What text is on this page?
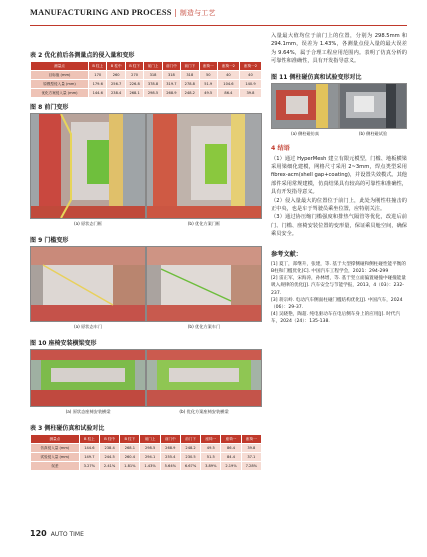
MANUFACTURING AND PROCESS | 制造与工艺
表 2 优化前后各测量点的侵入量和变形
测量点	B 柱上	B 柱中	B 柱下	前门上	前门中	前门下	座椅一	座椅一2	座椅一2
目标值 (mm)	170	260	270	318	318	318	50	40	40
原模型侵入量 (mm)	179.6	256.7	226.8	378.8	319.7	278.8	51.9	104.6	140.9
优化方案侵入量 (mm)	144.6	238.4	268.1	298.5	268.9	248.2	49.5	86.4	39.8
图 8 前门变形
(a) 原状态门框	(b) 优化方案门框
图 9 门槛变形
(a) 原状态车门	(b) 优化方案车门
图 10 座椅安装横梁变形
(a) 原状态座椅安装横梁	(b) 优化方案座椅安装横梁
表 3 侧柱碰仿真和试验对比
测量点	B 柱上	B 柱中	B 柱下	前门上	前门中	前门下	座椅一	座椅一	座椅一
仿真侵入量 (mm)	144.6	238.4	268.1	298.5	268.9	248.2	49.5	86.4	39.8
试验侵入量 (mm)	149.7	244.5	260.4	294.1	255.4	230.5	51.5	84.4	37.1
误差	3.27%	2.41%	1.81%	1.43%	5.64%	6.67%	3.89%	2.19%	7.28%

入量最大值均位于前门上的位置，分别为 298.5mm 和 294.1mm，误差为 1.43%，各测量点侵入量的最大误差为 9.64%，属于合理工程应用范围内。表明了仿真分析的可靠性和准确性，具有开发指导意义。

图 11 侧柱碰仿真和试验变形对比
(a) 侧柱碰仿真	(b) 侧柱碰试验
4 结语

（1）通过 HyperMesh 建立有限元模型，门槛、地板横梁采用梁细化建模，网格尺寸采用 2~3mm，焊点类型采用 fibrex-acm(shell gap+coating)，并设置失效模式。其他部件采用常规建模，仿真结果具有较高的可靠性和准确性，具有开发指导意义。

（2）侵入量最大的位置位于前门上，此处为刚性柱撞击的正中央，也是车于驾驶员乘坐位置，应特别关注。

（3）通过协压缩门槛强度和排热气隔管等优化，改进后前门、门槛、座椅安装位置的变形量，保证乘员舱空间，确保乘员安全。

参考文献：

[1] 夏丁，郑继升，张建，等. 基于大型撑侧碰和侧柱碰性能平衡的B柱和门槛优化[C]. 中国汽车工程学会，2021：294-299

[2] 雷正军，宋海涛，孙林增，等. 基于竖立面偏置碰撞中碰撞能量吸入规律的优化[J]. 汽车安全与节能学报，2013，4（03）：232-237.

[3] 蒋宗岭. 电动汽车侧面柱碰门槛结构优化[J]. 中国汽车，2024（06）：29-37.

[4] 吴晓艳，陶超. 纯电驱动车在电后侧车身上的应用[J]. 时代汽车，2024（24）：135-138.

120 AUTO TIME
